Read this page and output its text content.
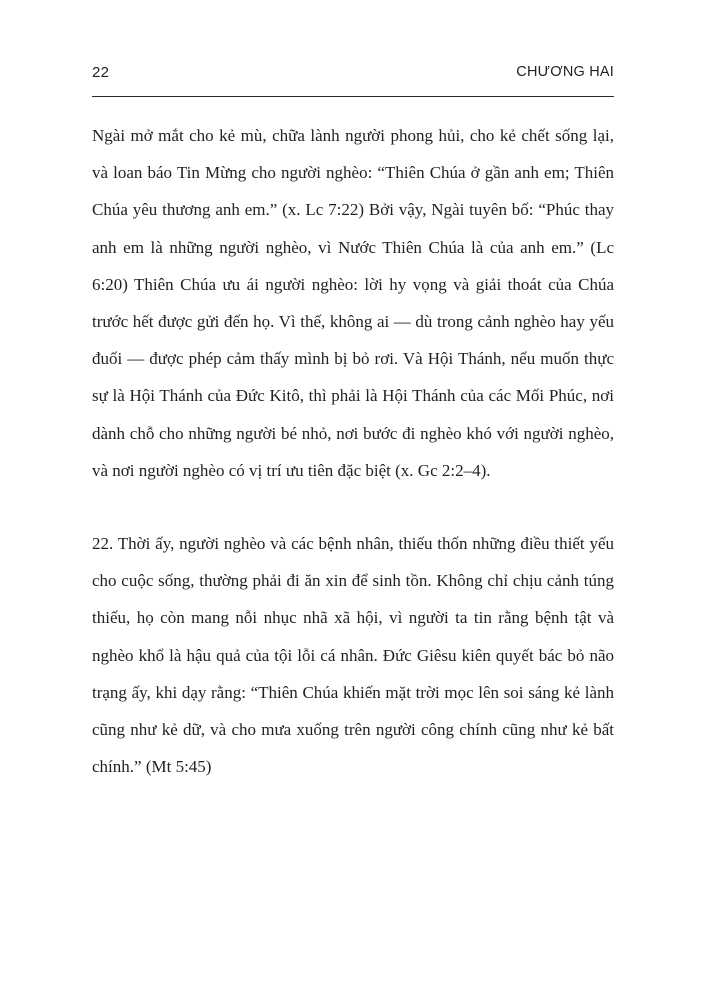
22	CHƯƠNG HAI

Ngài mở mắt cho kẻ mù, chữa lành người phong hủi, cho kẻ chết sống lại, và loan báo Tin Mừng cho người nghèo: “Thiên Chúa ở gần anh em; Thiên Chúa yêu thương anh em.” (x. Lc 7:22) Bởi vậy, Ngài tuyên bố: “Phúc thay anh em là những người nghèo, vì Nước Thiên Chúa là của anh em.” (Lc 6:20) Thiên Chúa ưu ái người nghèo: lời hy vọng và giải thoát của Chúa trước hết được gửi đến họ. Vì thế, không ai — dù trong cảnh nghèo hay yếu đuối — được phép cảm thấy mình bị bỏ rơi. Và Hội Thánh, nếu muốn thực sự là Hội Thánh của Đức Kitô, thì phải là Hội Thánh của các Mối Phúc, nơi dành chỗ cho những người bé nhỏ, nơi bước đi nghèo khó với người nghèo, và nơi người nghèo có vị trí ưu tiên đặc biệt (x. Gc 2:2–4).

22. Thời ấy, người nghèo và các bệnh nhân, thiếu thốn những điều thiết yếu cho cuộc sống, thường phải đi ăn xin để sinh tồn. Không chỉ chịu cảnh túng thiếu, họ còn mang nỗi nhục nhã xã hội, vì người ta tin rằng bệnh tật và nghèo khổ là hậu quả của tội lỗi cá nhân. Đức Giêsu kiên quyết bác bỏ não trạng ấy, khi dạy rằng: “Thiên Chúa khiến mặt trời mọc lên soi sáng kẻ lành cũng như kẻ dữ, và cho mưa xuống trên người công chính cũng như kẻ bất chính.” (Mt 5:45)
